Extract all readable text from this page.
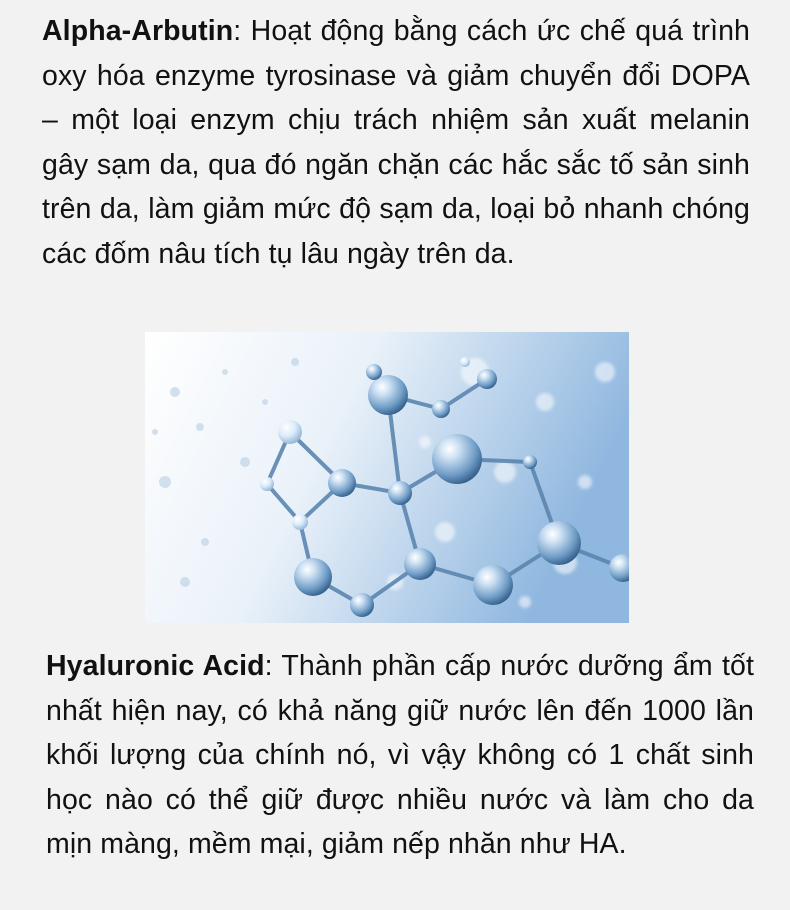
Alpha-Arbutin: Hoạt động bằng cách ức chế quá trình oxy hóa enzyme tyrosinase và giảm chuyển đổi DOPA – một loại enzym chịu trách nhiệm sản xuất melanin gây sạm da, qua đó ngăn chặn các hắc sắc tố sản sinh trên da, làm giảm mức độ sạm da, loại bỏ nhanh chóng các đốm nâu tích tụ lâu ngày trên da.
Hyaluronic Acid: Thành phần cấp nước dưỡng ẩm tốt nhất hiện nay, có khả năng giữ nước lên đến 1000 lần khối lượng của chính nó, vì vậy không có 1 chất sinh học nào có thể giữ được nhiều nước và làm cho da mịn màng, mềm mại, giảm nếp nhăn như HA.
